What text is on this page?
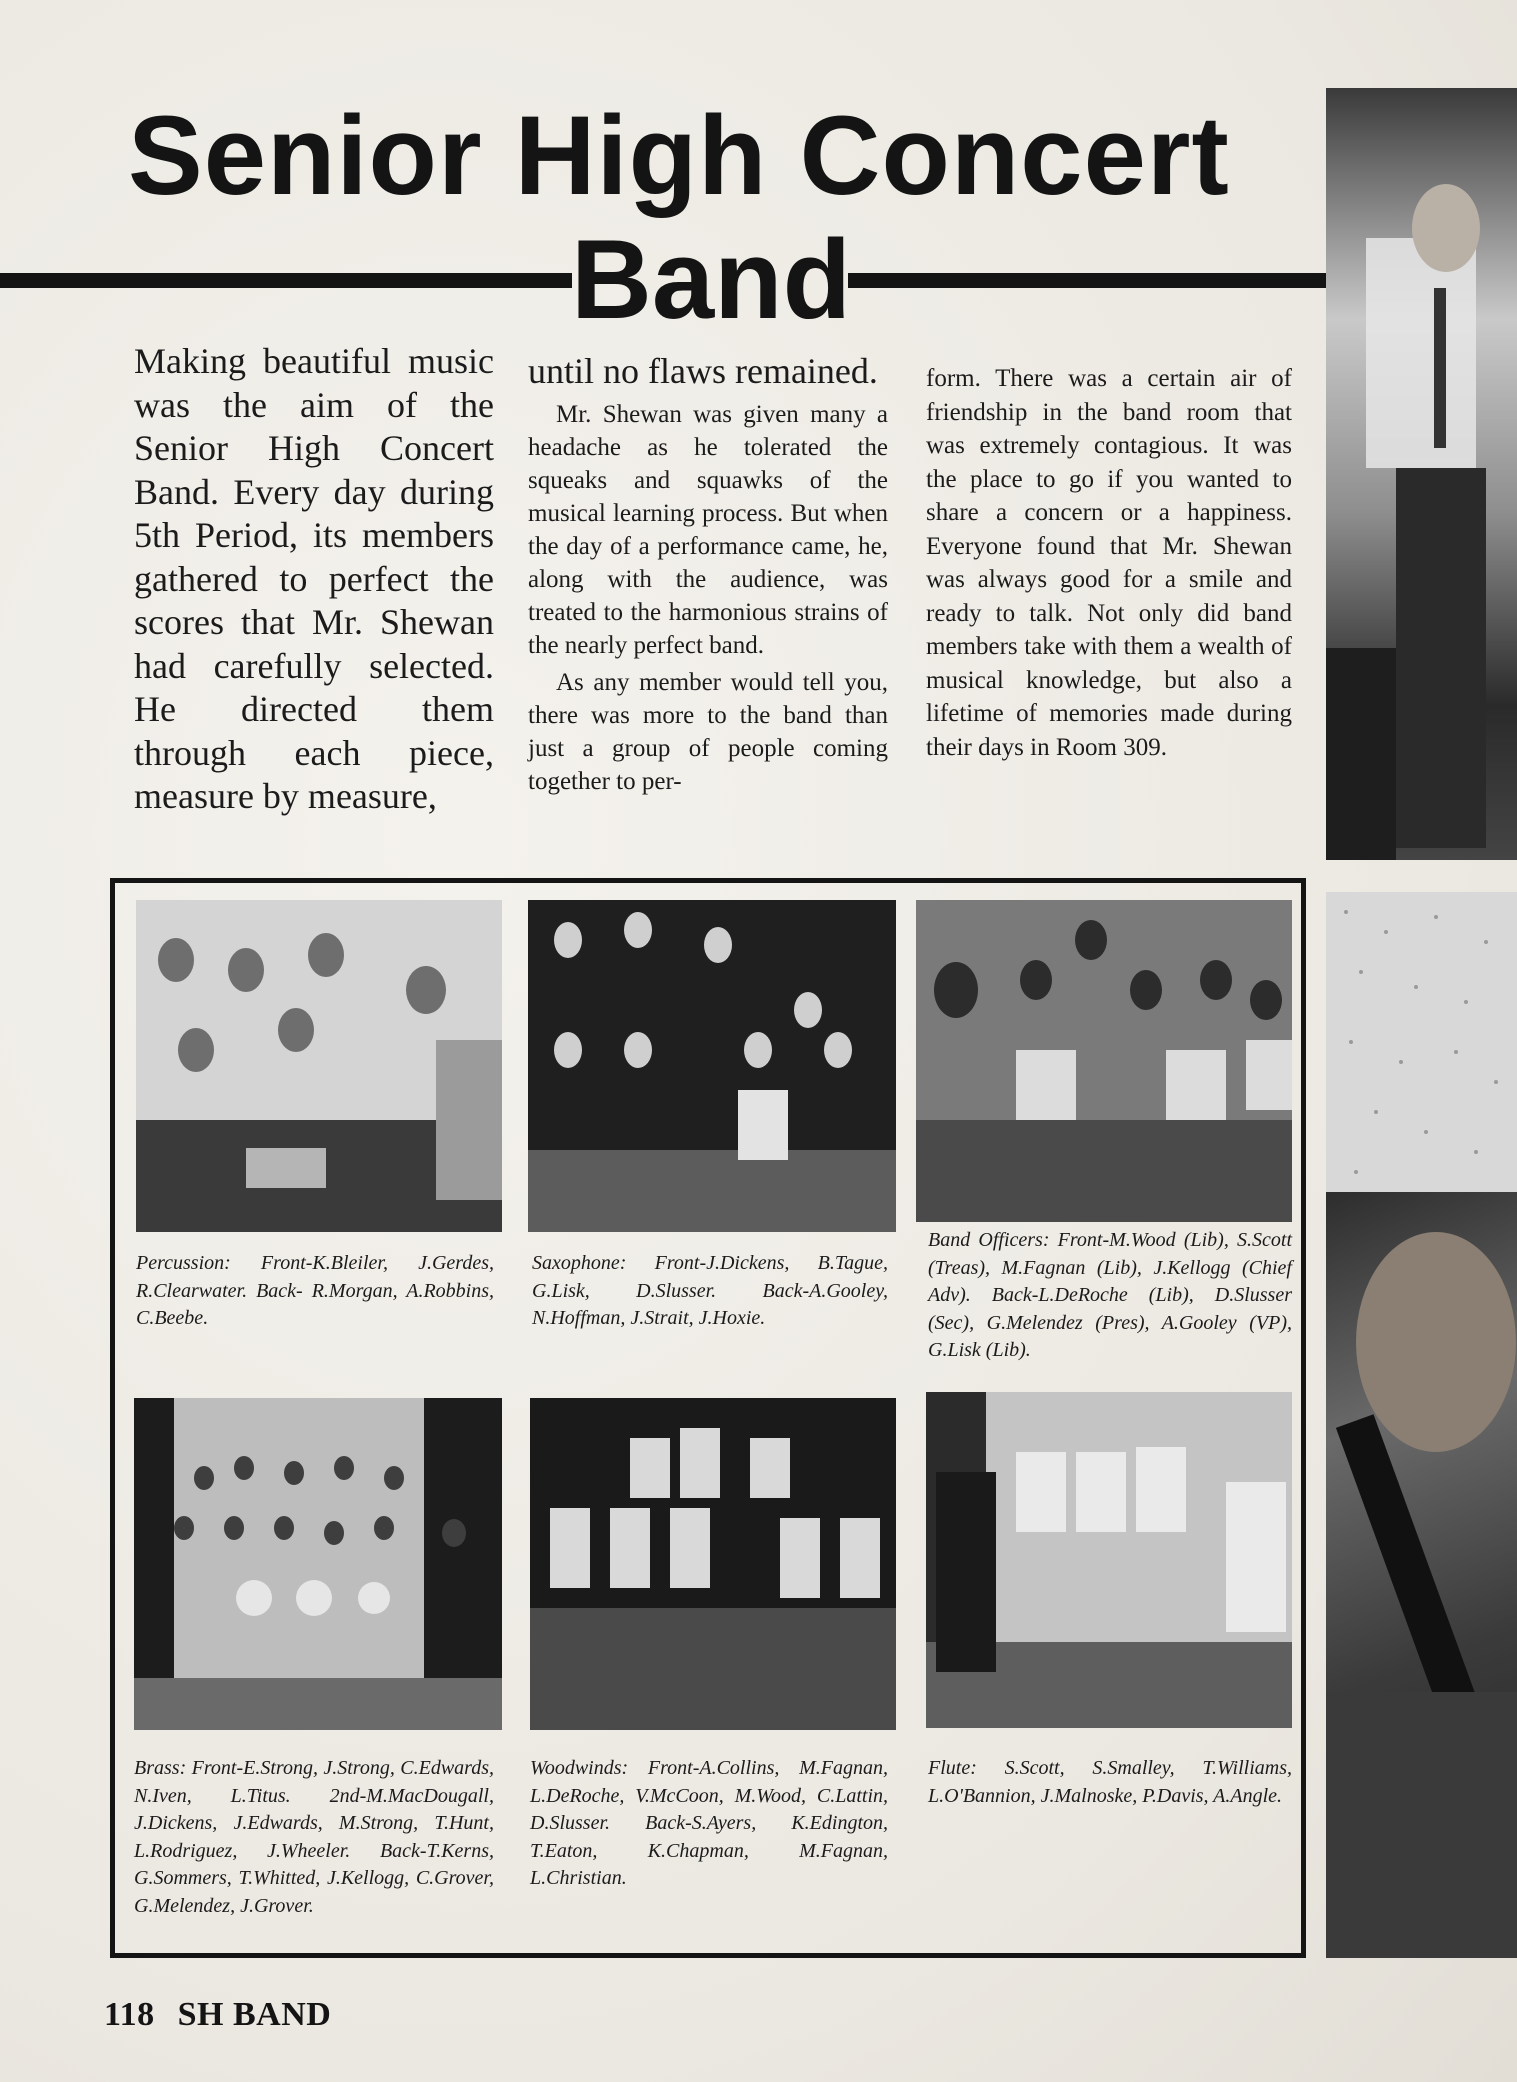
Senior High Concert
Band

Making beautiful music was the aim of the Senior High Concert Band. Every day during 5th Period, its members gathered to perfect the scores that Mr. Shewan had carefully selected. He directed them through each piece, measure by measure,

until no flaws remained.

Mr. Shewan was given many a headache as he tolerated the squeaks and squawks of the musical learning process. But when the day of a performance came, he, along with the audience, was treated to the harmonious strains of the nearly perfect band.

As any member would tell you, there was more to the band than just a group of people coming together to per-

form. There was a certain air of friendship in the band room that was extremely contagious. It was the place to go if you wanted to share a concern or a happiness. Everyone found that Mr. Shewan was always good for a smile and ready to talk. Not only did band members take with them a wealth of musical knowledge, but also a lifetime of memories made during their days in Room 309.

Percussion: Front-K.Bleiler, J.Gerdes, R.Clearwater. Back- R.Morgan, A.Robbins, C.Beebe.
Saxophone: Front-J.Dickens, B.Tague, G.Lisk, D.Slusser. Back-A.Gooley, N.Hoffman, J.Strait, J.Hoxie.
Band Officers: Front-M.Wood (Lib), S.Scott (Treas), M.Fagnan (Lib), J.Kellogg (Chief Adv). Back-L.DeRoche (Lib), D.Slusser (Sec), G.Melendez (Pres), A.Gooley (VP), G.Lisk (Lib).
Brass: Front-E.Strong, J.Strong, C.Edwards, N.Iven, L.Titus. 2nd-M.MacDougall, J.Dickens, J.Edwards, M.Strong, T.Hunt, L.Rodriguez, J.Wheeler. Back-T.Kerns, G.Sommers, T.Whitted, J.Kellogg, C.Grover, G.Melendez, J.Grover.
Woodwinds: Front-A.Collins, M.Fagnan, L.DeRoche, V.McCoon, M.Wood, C.Lattin, D.Slusser. Back-S.Ayers, K.Edington, T.Eaton, K.Chapman, M.Fagnan, L.Christian.
Flute: S.Scott, S.Smalley, T.Williams, L.O'Bannion, J.Malnoske, P.Davis, A.Angle.
118 SH BAND
